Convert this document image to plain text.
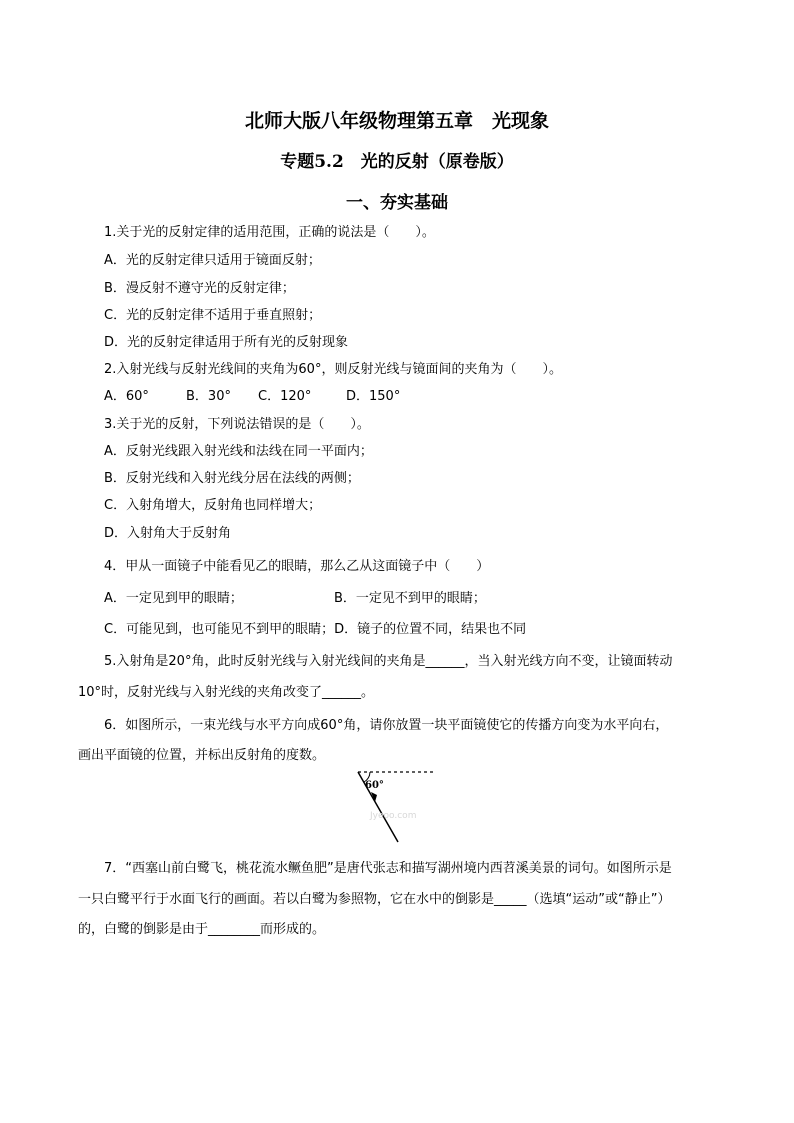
北师大版八年级物理第五章　光现象
专题5.2　光的反射（原卷版）
一、夯实基础
1.关于光的反射定律的适用范围，正确的说法是（　　）。
A．光的反射定律只适用于镜面反射；
B．漫反射不遵守光的反射定律；
C．光的反射定律不适用于垂直照射；
D．光的反射定律适用于所有光的反射现象
2.入射光线与反射光线间的夹角为60°，则反射光线与镜面间的夹角为（　　）。
A．60°	B．30° C．120°	D．150°
3.关于光的反射，下列说法错误的是（　　）。
A．反射光线跟入射光线和法线在同一平面内；
B．反射光线和入射光线分居在法线的两侧；
C．入射角增大，反射角也同样增大；
D．入射角大于反射角
4．甲从一面镜子中能看见乙的眼睛，那么乙从这面镜子中（　　）
A．一定见到甲的眼睛；	B．一定见不到甲的眼睛；
C．可能见到，也可能见不到甲的眼睛；D．镜子的位置不同，结果也不同
5.入射角是20°角，此时反射光线与入射光线间的夹角是______，当入射光线方向不变，让镜面转动
10°时，反射光线与入射光线的夹角改变了______。
6．如图所示，一束光线与水平方向成60°角，请你放置一块平面镜使它的传播方向变为水平向右，
画出平面镜的位置，并标出反射角的度数。
60°
Jyeoo.com
7．“西塞山前白鹭飞，桃花流水鳜鱼肥”是唐代张志和描写湖州境内西苕溪美景的词句。如图所示是
一只白鹭平行于水面飞行的画面。若以白鹭为参照物，它在水中的倒影是_____（选填“运动”或“静止”）
的，白鹭的倒影是由于________而形成的。
